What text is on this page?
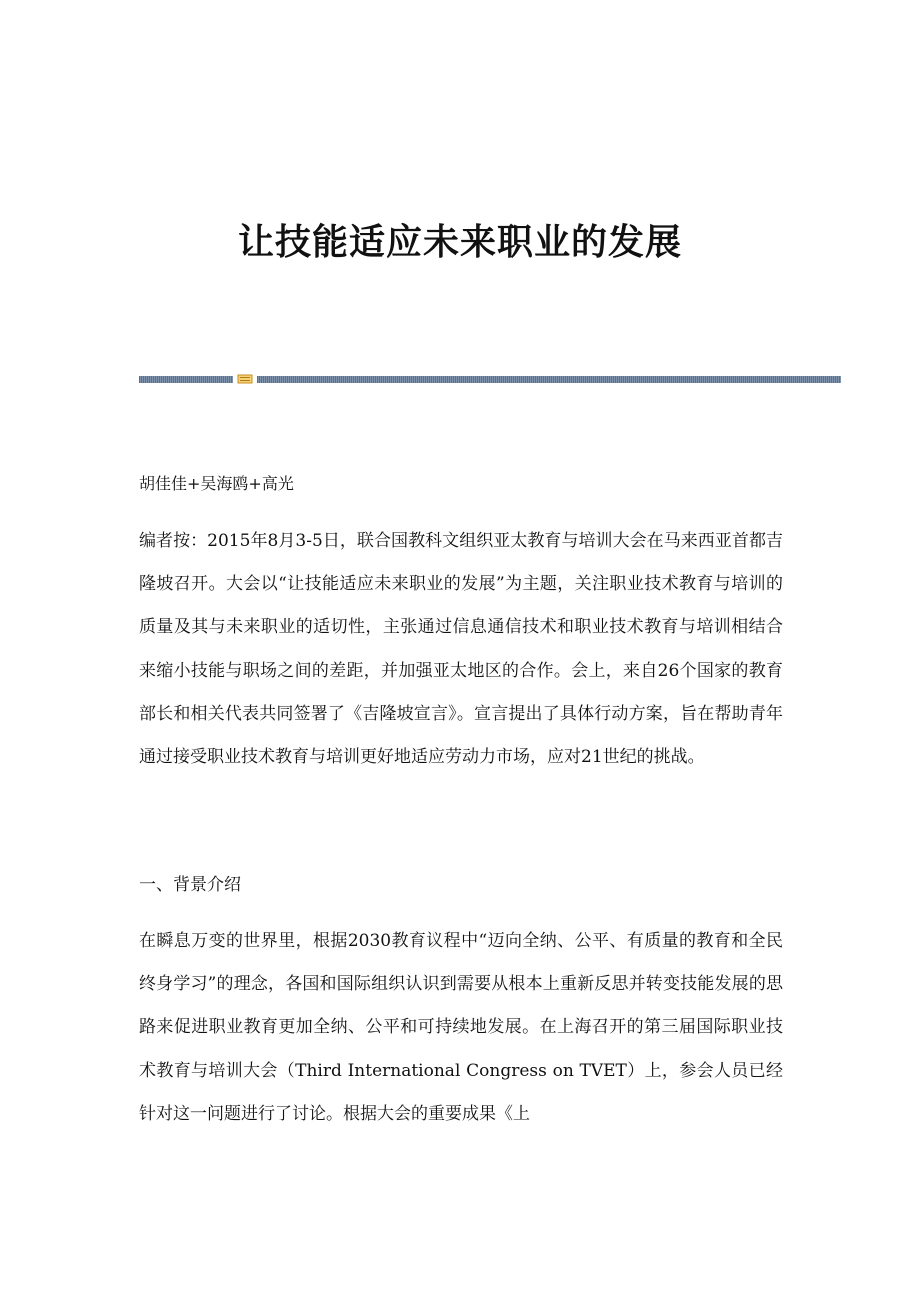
让技能适应未来职业的发展
胡佳佳+吴海鸥+高光
编者按：2015年8月3-5日，联合国教科文组织亚太教育与培训大会在马来西亚首都吉隆坡召开。大会以“让技能适应未来职业的发展”为主题，关注职业技术教育与培训的质量及其与未来职业的适切性，主张通过信息通信技术和职业技术教育与培训相结合来缩小技能与职场之间的差距，并加强亚太地区的合作。会上，来自26个国家的教育部长和相关代表共同签署了《吉隆坡宣言》。宣言提出了具体行动方案，旨在帮助青年通过接受职业技术教育与培训更好地适应劳动力市场，应对21世纪的挑战。
一、背景介绍
在瞬息万变的世界里，根据2030教育议程中“迈向全纳、公平、有质量的教育和全民终身学习”的理念，各国和国际组织认识到需要从根本上重新反思并转变技能发展的思路来促进职业教育更加全纳、公平和可持续地发展。在上海召开的第三届国际职业技术教育与培训大会（Third International Congress on TVET）上，参会人员已经针对这一问题进行了讨论。根据大会的重要成果《上
